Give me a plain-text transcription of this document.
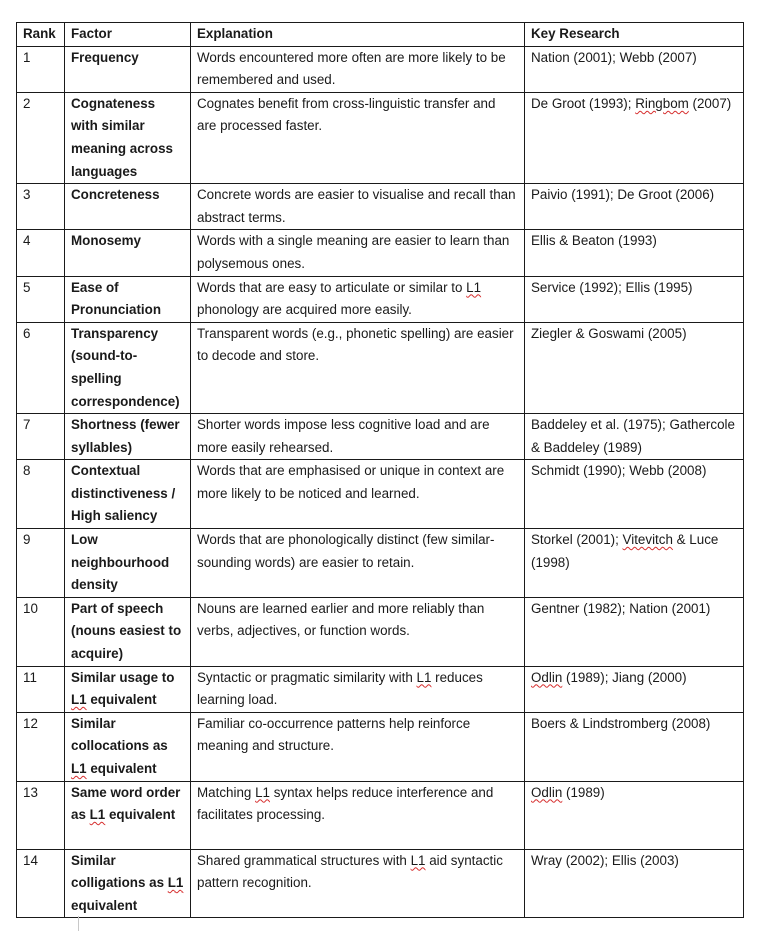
Rank	Factor	Explanation	Key Research
1	Frequency	Words encountered more often are more likely to be remembered and used.	Nation (2001); Webb (2007)
2	Cognateness with similar meaning across languages	Cognates benefit from cross-linguistic transfer and are processed faster.	De Groot (1993); Ringbom (2007)
3	Concreteness	Concrete words are easier to visualise and recall than abstract terms.	Paivio (1991); De Groot (2006)
4	Monosemy	Words with a single meaning are easier to learn than polysemous ones.	Ellis & Beaton (1993)
5	Ease of Pronunciation	Words that are easy to articulate or similar to L1 phonology are acquired more easily.	Service (1992); Ellis (1995)
6	Transparency (sound-to-spelling correspondence)	Transparent words (e.g., phonetic spelling) are easier to decode and store.	Ziegler & Goswami (2005)
7	Shortness (fewer syllables)	Shorter words impose less cognitive load and are more easily rehearsed.	Baddeley et al. (1975); Gathercole & Baddeley (1989)
8	Contextual distinctiveness / High saliency	Words that are emphasised or unique in context are more likely to be noticed and learned.	Schmidt (1990); Webb (2008)
9	Low neighbourhood density	Words that are phonologically distinct (few similar-sounding words) are easier to retain.	Storkel (2001); Vitevitch & Luce (1998)
10	Part of speech (nouns easiest to acquire)	Nouns are learned earlier and more reliably than verbs, adjectives, or function words.	Gentner (1982); Nation (2001)
11	Similar usage to L1 equivalent	Syntactic or pragmatic similarity with L1 reduces learning load.	Odlin (1989); Jiang (2000)
12	Similar collocations as L1 equivalent	Familiar co-occurrence patterns help reinforce meaning and structure.	Boers & Lindstromberg (2008)
13	Same word order as L1 equivalent	Matching L1 syntax helps reduce interference and facilitates processing.	Odlin (1989)
14	Similar colligations as L1 equivalent	Shared grammatical structures with L1 aid syntactic pattern recognition.	Wray (2002); Ellis (2003)
